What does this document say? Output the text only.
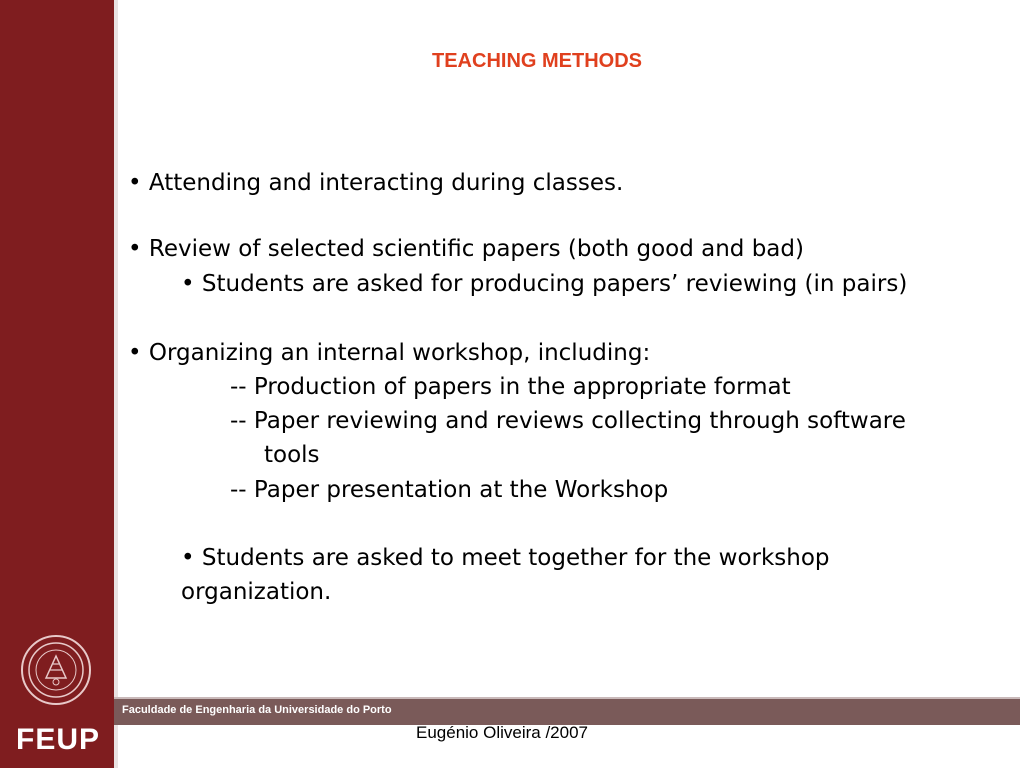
Faculdade de Engenharia da Universidade do Porto
FEUP
TEACHING METHODS
• Attending and interacting during classes.
• Review of selected scientific papers (both good and bad)
• Students are asked for producing papers’ reviewing (in pairs)
• Organizing an internal workshop, including:
-- Production of papers in the appropriate format
-- Paper reviewing and reviews collecting through software
tools
-- Paper presentation at the Workshop
• Students are asked to meet together for the workshop
organization.
Eugénio Oliveira /2007
